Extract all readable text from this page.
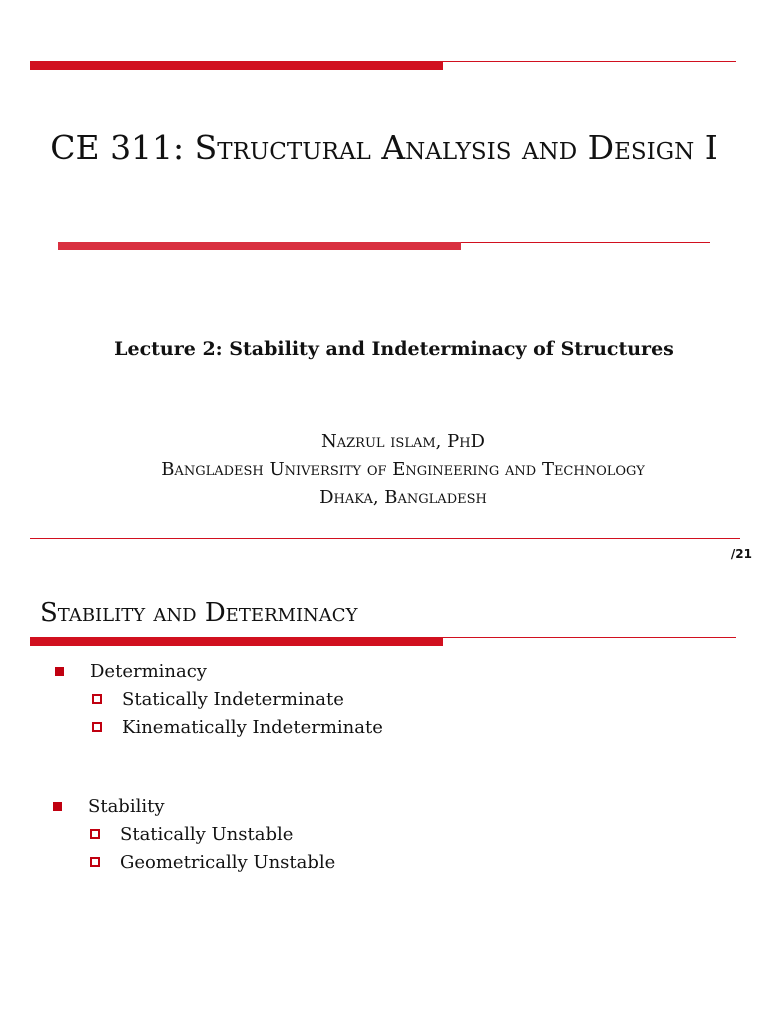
CE 311: Structural Analysis and Design I
Lecture 2: Stability and Indeterminacy of Structures
Nazrul islam, PhD
Bangladesh University of Engineering and Technology
Dhaka, Bangladesh
/21
Stability and Determinacy
Determinacy
Statically Indeterminate
Kinematically Indeterminate
Stability
Statically Unstable
Geometrically Unstable
